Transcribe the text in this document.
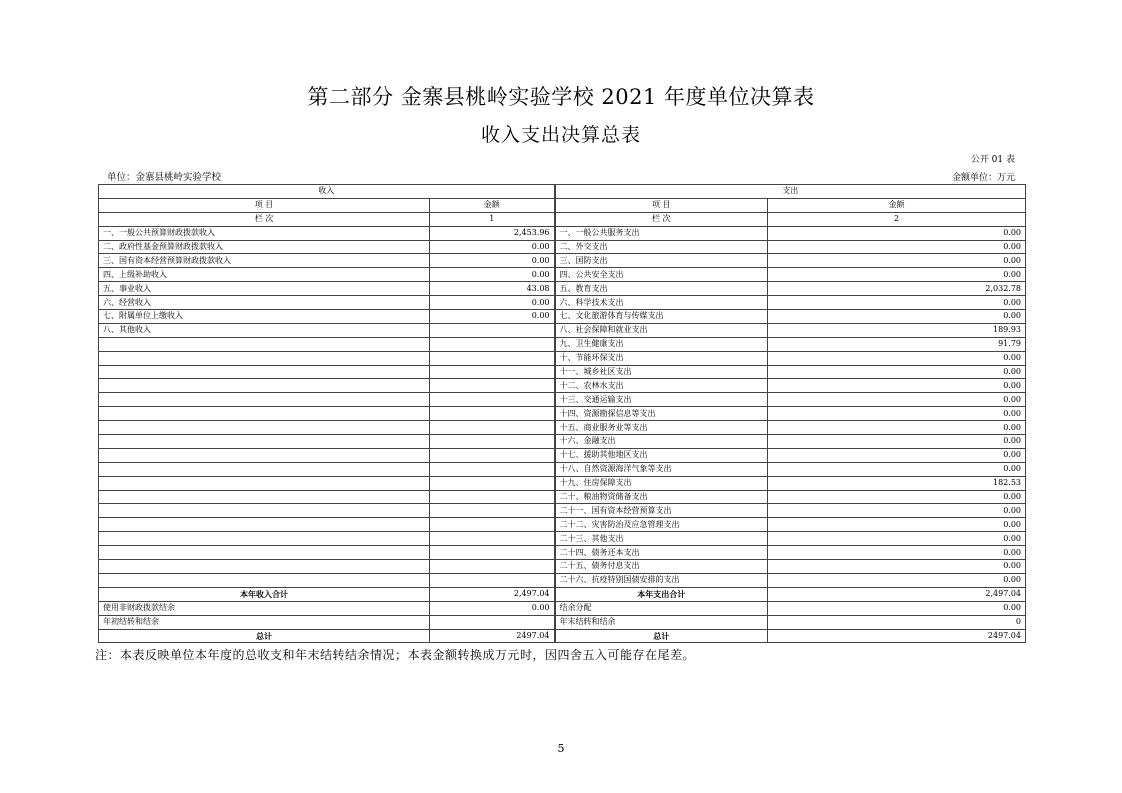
第二部分 金寨县桃岭实验学校 2021 年度单位决算表
收入支出决算总表
公开 01 表
单位：金寨县桃岭实验学校	金额单位：万元
收入		支出	
项 目	金额	项 目	金额
栏 次	1	栏 次	2
一、一般公共预算财政拨款收入	2,453.96	一、一般公共服务支出	0.00
二、政府性基金预算财政拨款收入	0.00	二、外交支出	0.00
三、国有资本经营预算财政拨款收入	0.00	三、国防支出	0.00
四、上级补助收入	0.00	四、公共安全支出	0.00
五、事业收入	43.08	五、教育支出	2,032.78
六、经营收入	0.00	六、科学技术支出	0.00
七、附属单位上缴收入	0.00	七、文化旅游体育与传媒支出	0.00
八、其他收入		八、社会保障和就业支出	189.93
		九、卫生健康支出	91.79
		十、节能环保支出	0.00
		十一、城乡社区支出	0.00
		十二、农林水支出	0.00
		十三、交通运输支出	0.00
		十四、资源勘探信息等支出	0.00
		十五、商业服务业等支出	0.00
		十六、金融支出	0.00
		十七、援助其他地区支出	0.00
		十八、自然资源海洋气象等支出	0.00
		十九、住房保障支出	182.53
		二十、粮油物资储备支出	0.00
		二十一、国有资本经营预算支出	0.00
		二十二、灾害防治及应急管理支出	0.00
		二十三、其他支出	0.00
		二十四、债务还本支出	0.00
		二十五、债务付息支出	0.00
		二十六、抗疫特别国债安排的支出	0.00
本年收入合计	2,497.04	本年支出合计	2,497.04
使用非财政拨款结余	0.00	结余分配	0.00
年初结转和结余		年末结转和结余	0
总计	2497.04	总计	2497.04
注：本表反映单位本年度的总收支和年末结转结余情况；本表金额转换成万元时，因四舍五入可能存在尾差。
5
